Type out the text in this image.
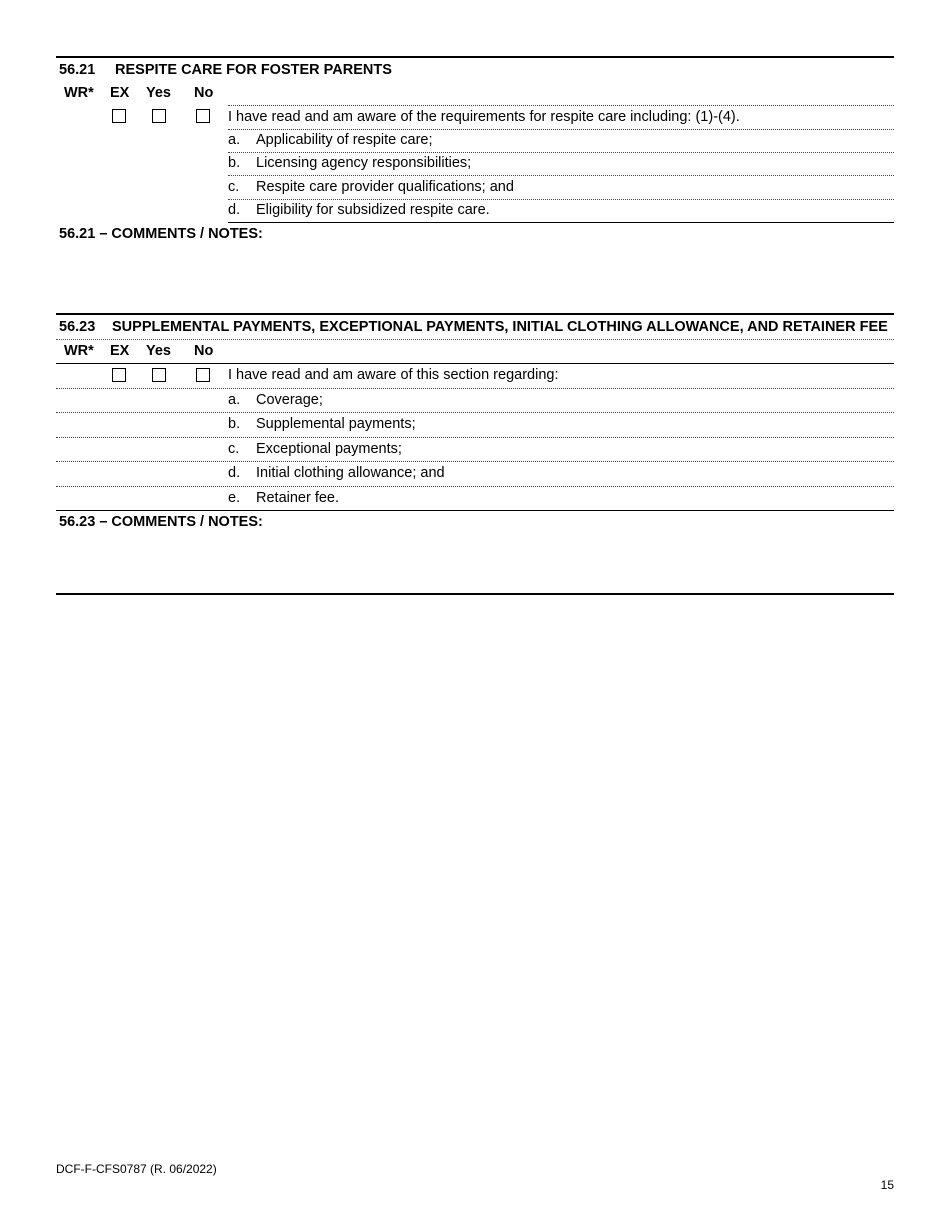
56.21 RESPITE CARE FOR FOSTER PARENTS
WR* EX Yes No
I have read and am aware of the requirements for respite care including: (1)-(4).
a. Applicability of respite care;
b. Licensing agency responsibilities;
c. Respite care provider qualifications; and
d. Eligibility for subsidized respite care.
56.21 – COMMENTS / NOTES:
56.23 SUPPLEMENTAL PAYMENTS, EXCEPTIONAL PAYMENTS, INITIAL CLOTHING ALLOWANCE, AND RETAINER FEE
WR* EX Yes No
I have read and am aware of this section regarding:
a. Coverage;
b. Supplemental payments;
c. Exceptional payments;
d. Initial clothing allowance; and
e. Retainer fee.
56.23 – COMMENTS / NOTES:
DCF-F-CFS0787 (R. 06/2022)
15
